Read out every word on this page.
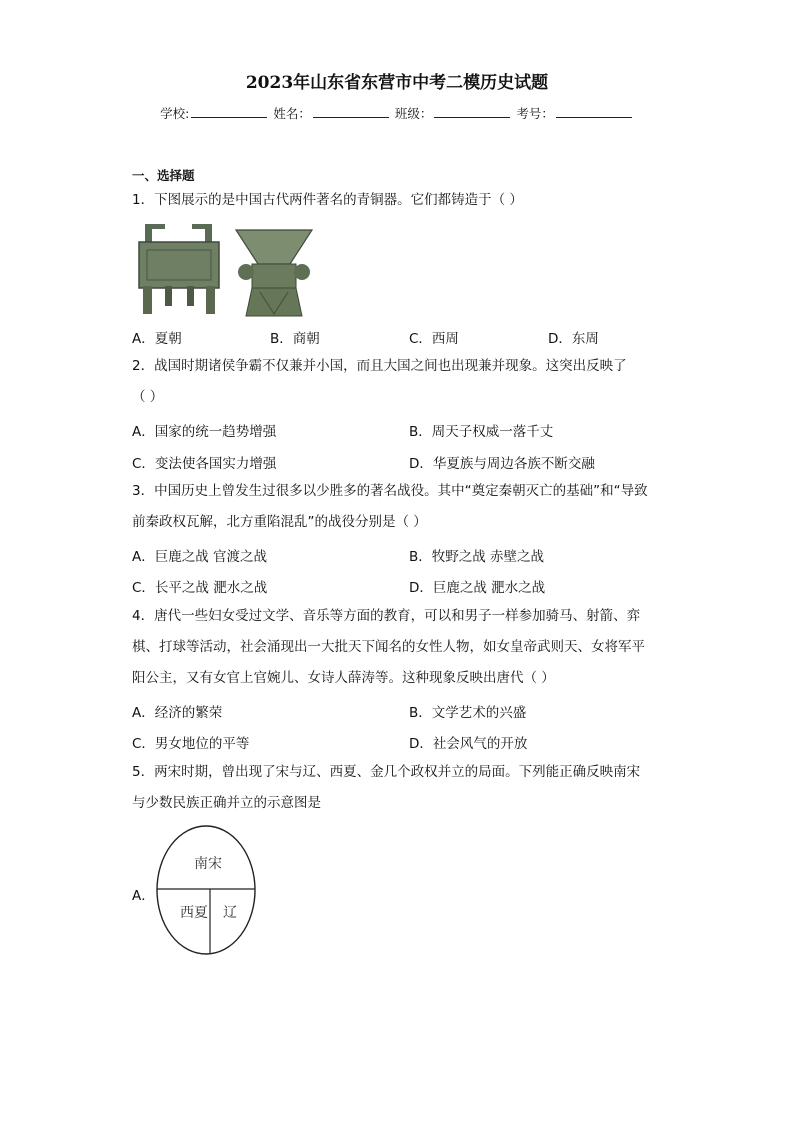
2023年山东省东营市中考二模历史试题
学校:	姓名：	班级：	考号：
一、选择题
1．下图展示的是中国古代两件著名的青铜器。它们都铸造于（ ）
A．夏朝	B．商朝	C．西周	D．东周
2．战国时期诸侯争霸不仅兼并小国，而且大国之间也出现兼并现象。这突出反映了
（ ）
A．国家的统一趋势增强	B．周天子权威一落千丈
C．变法使各国实力增强	D．华夏族与周边各族不断交融
3．中国历史上曾发生过很多以少胜多的著名战役。其中“奠定秦朝灭亡的基础”和“导致
前秦政权瓦解，北方重陷混乱”的战役分别是（ ）
A．巨鹿之战 官渡之战	B．牧野之战 赤壁之战
C．长平之战 淝水之战	D．巨鹿之战 淝水之战
4．唐代一些妇女受过文学、音乐等方面的教育，可以和男子一样参加骑马、射箭、弈
棋、打球等活动，社会涌现出一大批天下闻名的女性人物，如女皇帝武则天、女将军平
阳公主，又有女官上官婉儿、女诗人薛涛等。这种现象反映出唐代（ ）
A．经济的繁荣	B．文学艺术的兴盛
C．男女地位的平等	D．社会风气的开放
5．两宋时期，曾出现了宋与辽、西夏、金几个政权并立的局面。下列能正确反映南宋
与少数民族正确并立的示意图是
A．
南宋
西夏 辽
